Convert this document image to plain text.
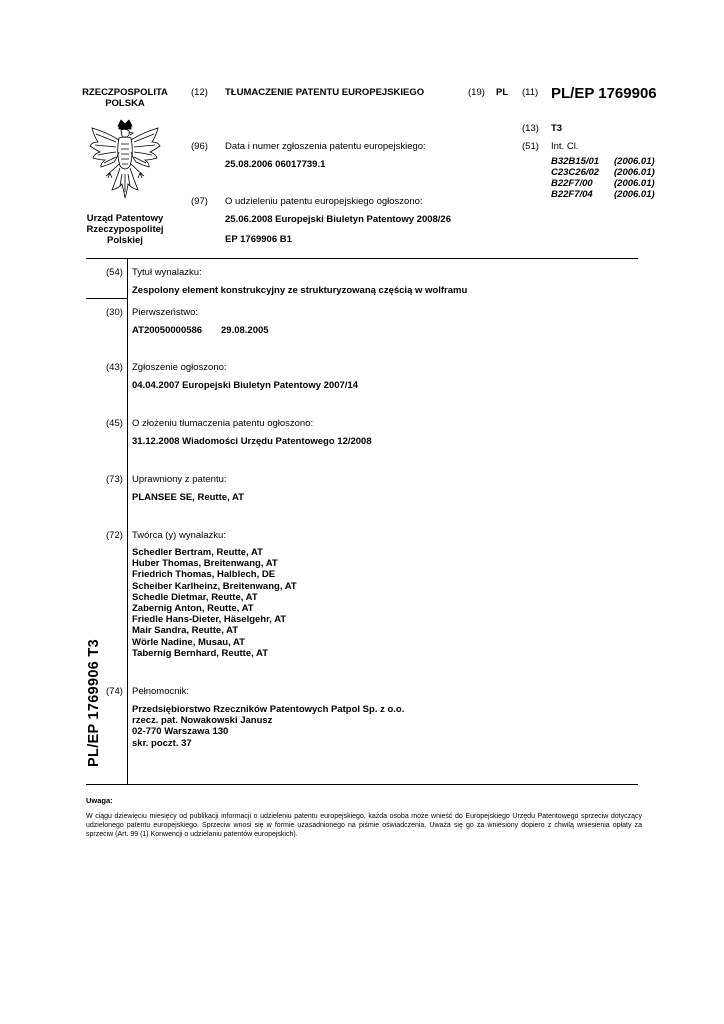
RZECZPOSPOLITA
POLSKA
Urząd Patentowy
Rzeczypospolitej
Polskiej
(12) TŁUMACZENIE PATENTU EUROPEJSKIEGO	(19) PL (11) PL/EP 1769906
(13) T3
(96) Data i numer zgłoszenia patentu europejskiego:
25.08.2006 06017739.1
(51) Int. Cl.
B32B15/01 (2006.01)
C23C26/02 (2006.01)
B22F7/00 (2006.01)
B22F7/04 (2006.01)
(97) O udzieleniu patentu europejskiego ogłoszono:
25.06.2008 Europejski Biuletyn Patentowy 2008/26
EP 1769906 B1
PL/EP 1769906 T3
(54) Tytuł wynalazku:
Zespolony element konstrukcyjny ze strukturyzowaną częścią w wolframu
(30) Pierwszeństwo:
AT20050000586 29.08.2005
(43) Zgłoszenie ogłoszono:
04.04.2007 Europejski Biuletyn Patentowy 2007/14
(45) O złożeniu tłumaczenia patentu ogłoszono:
31.12.2008 Wiadomości Urzędu Patentowego 12/2008
(73) Uprawniony z patentu:
PLANSEE SE, Reutte, AT
(72) Twórca (y) wynalazku:
Schedler Bertram, Reutte, AT
Huber Thomas, Breitenwang, AT
Friedrich Thomas, Halblech, DE
Scheiber Karlheinz, Breitenwang, AT
Schedle Dietmar, Reutte, AT
Zabernig Anton, Reutte, AT
Friedle Hans-Dieter, Häselgehr, AT
Mair Sandra, Reutte, AT
Wörle Nadine, Musau, AT
Tabernig Bernhard, Reutte, AT
(74) Pełnomocnik:
Przedsiębiorstwo Rzeczników Patentowych Patpol Sp. z o.o.
rzecz. pat. Nowakowski Janusz
02-770 Warszawa 130
skr. poczt. 37
Uwaga:
W ciągu dziewięciu miesięcy od publikacji informacji o udzieleniu patentu europejskiego, każda osoba może wnieść do Europejskiego Urzędu Patentowego sprzeciw dotyczący udzielonego patentu europejskiego. Sprzeciw wnosi się w formie uzasadnionego na piśmie oświadczenia. Uważa się go za wniesiony dopiero z chwilą wniesienia opłaty za sprzeciw (Art. 99 (1) Konwencji o udzielaniu patentów europejskich).
